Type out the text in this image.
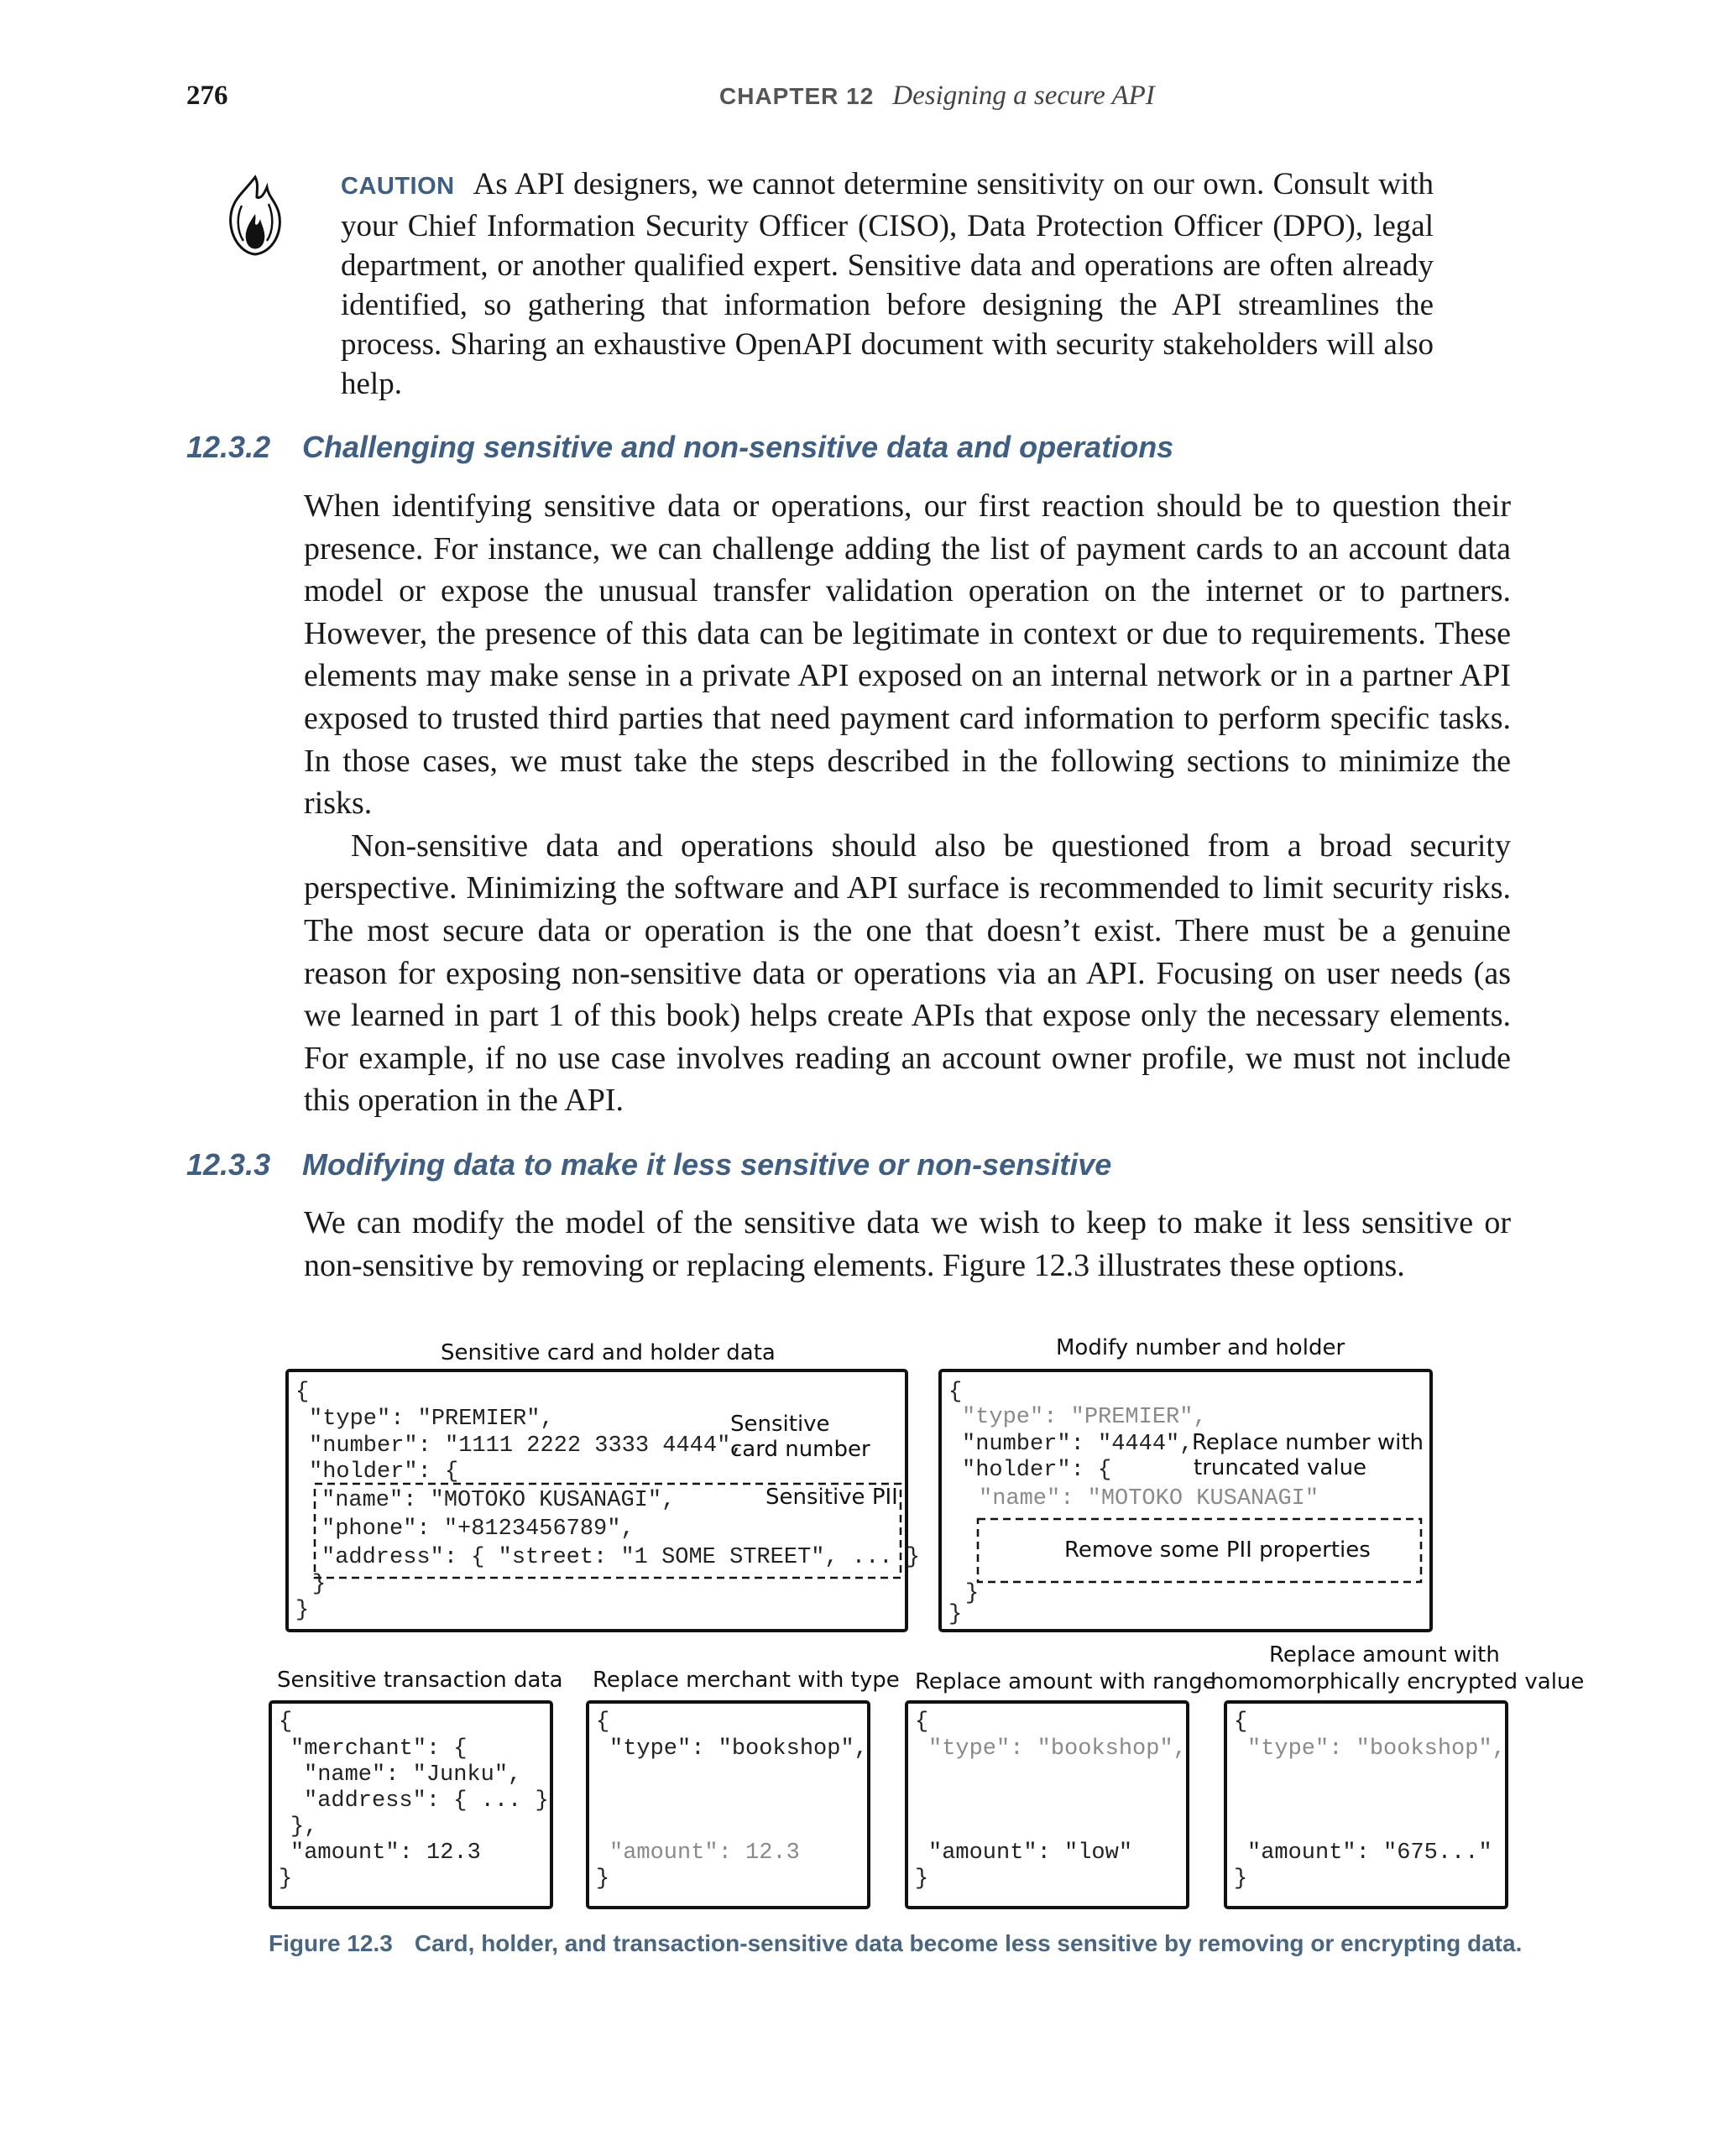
276	CHAPTER 12 Designing a secure API
CAUTION As API designers, we cannot determine sensitivity on our own. Consult with your Chief Information Security Officer (CISO), Data Protection Officer (DPO), legal department, or another qualified expert. Sensitive data and operations are often already identified, so gathering that information before designing the API streamlines the process. Sharing an exhaustive OpenAPI document with security stakeholders will also help.
12.3.2 Challenging sensitive and non-sensitive data and operations

When identifying sensitive data or operations, our first reaction should be to question their presence. For instance, we can challenge adding the list of payment cards to an account data model or expose the unusual transfer validation operation on the internet or to partners. However, the presence of this data can be legitimate in context or due to requirements. These elements may make sense in a private API exposed on an internal network or in a partner API exposed to trusted third parties that need payment card information to perform specific tasks. In those cases, we must take the steps described in the following sections to minimize the risks.

Non-sensitive data and operations should also be questioned from a broad security perspective. Minimizing the software and API surface is recommended to limit security risks. The most secure data or operation is the one that doesn’t exist. There must be a genuine reason for exposing non-sensitive data or operations via an API. Focusing on user needs (as we learned in part 1 of this book) helps create APIs that expose only the necessary elements. For example, if no use case involves reading an account owner profile, we must not include this operation in the API.

12.3.3 Modifying data to make it less sensitive or non-sensitive

We can modify the model of the sensitive data we wish to keep to make it less sensitive or non-sensitive by removing or replacing elements. Figure 12.3 illustrates these options.

Sensitive card and holder data
{
"type": "PREMIER",
"number": "1111 2222 3333 4444",
"holder": {
"name": "MOTOKO KUSANAGI",
"phone": "+8123456789",
"address": { "street: "1 SOME STREET", ... }
}
}
Sensitive
card number
Sensitive PII
Modify number and holder
{
"type": "PREMIER",
"number": "4444",
"holder": {
"name": "MOTOKO KUSANAGI"
}
}
Replace number with
truncated value
Remove some PII properties
Sensitive transaction data
{
"merchant": {
"name": "Junku",
"address": { ... }
},
"amount": 12.3
}
Replace merchant with type
{
"type": "bookshop",
"amount": 12.3
}
Replace amount with range
{
"type": "bookshop",
"amount": "low"
}
Replace amount with
homomorphically encrypted value
{
"type": "bookshop",
"amount": "675..."
}
Figure 12.3 Card, holder, and transaction-sensitive data become less sensitive by removing or encrypting data.
